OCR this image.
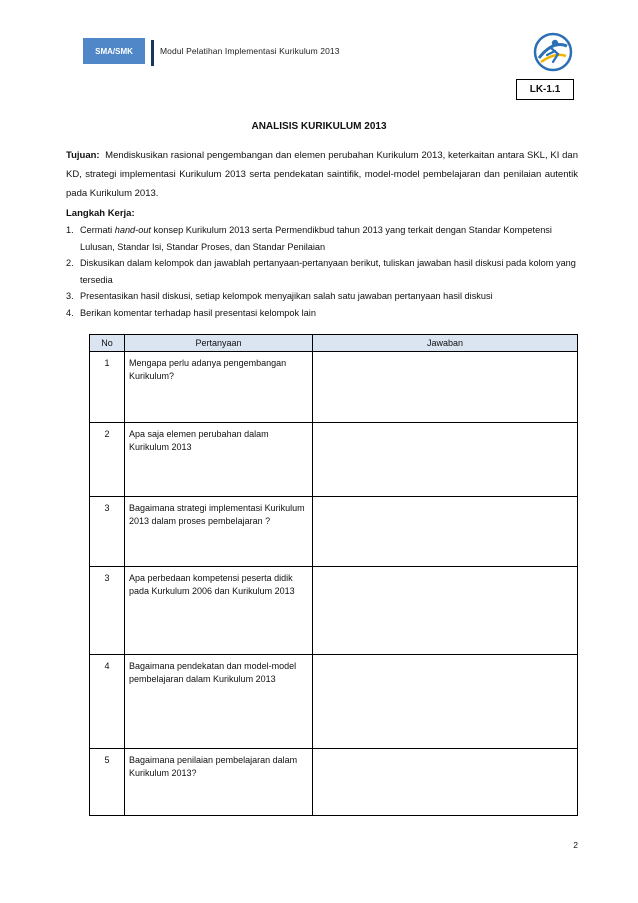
SMA/SMK	Modul Pelatihan Implementasi Kurikulum 2013
LK-1.1
ANALISIS KURIKULUM 2013
Tujuan: Mendiskusikan rasional pengembangan dan elemen perubahan Kurikulum 2013, keterkaitan antara SKL, KI dan KD, strategi implementasi Kurikulum 2013 serta pendekatan saintifik, model-model pembelajaran dan penilaian autentik pada Kurikulum 2013.
Langkah Kerja:
1. Cermati hand-out konsep Kurikulum 2013 serta Permendikbud tahun 2013 yang terkait dengan Standar Kompetensi Lulusan, Standar Isi, Standar Proses, dan Standar Penilaian
2. Diskusikan dalam kelompok dan jawablah pertanyaan-pertanyaan berikut, tuliskan jawaban hasil diskusi pada kolom yang tersedia
3. Presentasikan hasil diskusi, setiap kelompok menyajikan salah satu jawaban pertanyaan hasil diskusi
4. Berikan komentar terhadap hasil presentasi kelompok lain
No	Pertanyaan	Jawaban
1	Mengapa perlu adanya pengembangan Kurikulum?	
2	Apa saja elemen perubahan dalam Kurikulum 2013	
3	Bagaimana strategi implementasi Kurikulum 2013 dalam proses pembelajaran ?	
3	Apa perbedaan kompetensi peserta didik pada Kurkulum 2006 dan Kurikulum 2013	
4	Bagaimana pendekatan dan model-model pembelajaran dalam Kurikulum 2013	
5	Bagaimana penilaian pembelajaran dalam Kurikulum 2013?	
2
